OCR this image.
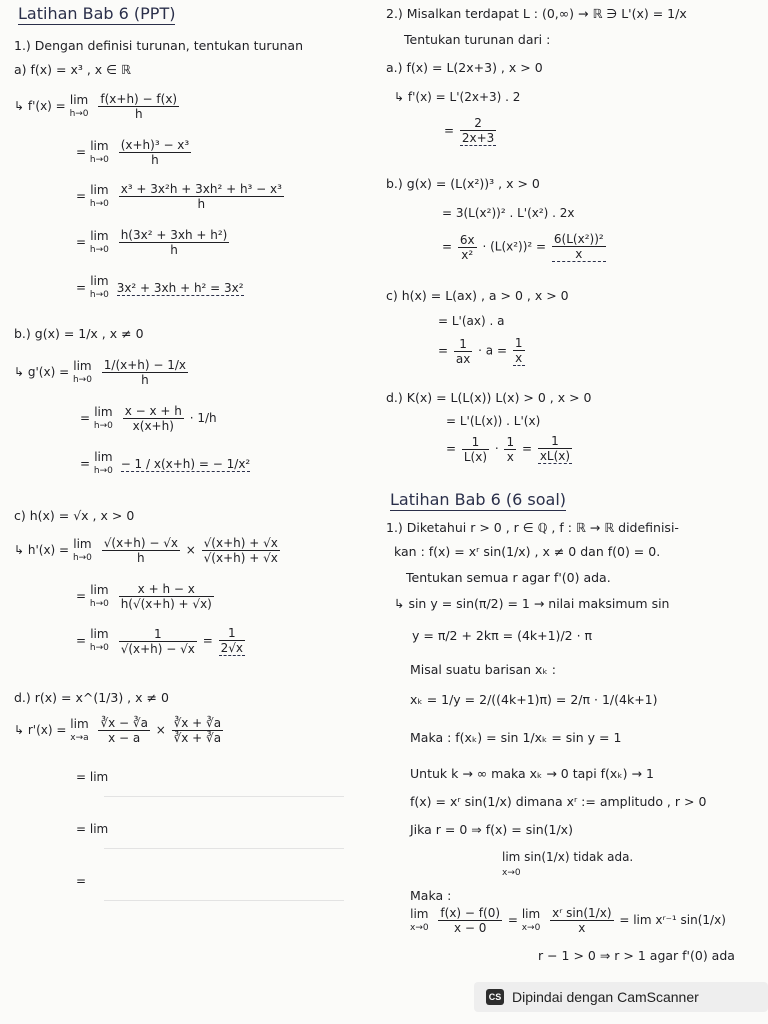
Latihan Bab 6 (PPT)
1.) Dengan definisi turunan, tentukan turunan
a) f(x) = x³ , x ∈ ℝ
↳ f'(x) = lim
h→0
$\frac{f(x+h) - f(x)}{h}$
= lim
h→0
$\frac{\text{(x+h)³ − x³}}{h}$
= lim
h→0
$\frac{\text{x³ + 3x²h + 3xh² + h³ − x³}}{h}$
= lim
h→0
$\frac{\text{h(3x² + 3xh + h²)}}{h}$
= lim
h→0
3x² + 3xh + h² = 3x²
b.) g(x) = 1/x , x ≠ 0
↳ g'(x) = lim
h→0
$\frac{1/(x+h) - 1/x}{h}$
= lim
h→0
$\frac{x - x + h}{x(x+h)} \cdot 1/h$
= lim
h→0
− 1 / x(x+h) = − 1/x²
c) h(x) = √x , x > 0
↳ h'(x) = lim
h→0
$\frac{√(x+h) - √x}{h} \times \frac{√(x+h) + √x}{√(x+h) + √x}$
= lim
h→0
$\frac{x + h - x}{h(√(x+h) + √x)}$
= lim
h→0
$\frac{1}{√(x+h) - √x} = \frac{1}{2√x}$
d.) r(x) = x^(1/3) , x ≠ 0
↳ r'(x) = lim
x→a
$\frac{∛x - ∛a}{x - a} \times \frac{∛x + ∛a}{∛x + ∛a}$
= lim
= lim
=
2.) Misalkan terdapat L : (0,∞) → ℝ ∋ L'(x) = 1/x
Tentukan turunan dari :
a.) f(x) = L(2x+3) , x > 0
↳ f'(x) = L'(2x+3) . 2
= $\frac{2}{2x+3}$
b.) g(x) = (L(x²))³ , x > 0
= 3(L(x²))² . L'(x²) . 2x
= $\frac{6x}{\text{x²}} \cdot (L(x^2))^2 = \frac{\text{6(L(x²))²}}{x}$
c) h(x) = L(ax) , a > 0 , x > 0
= L'(ax) . a
= $\frac{1}{ax} \cdot a = \frac{1}{x}$
d.) K(x) = L(L(x)) L(x) > 0 , x > 0
= L'(L(x)) . L'(x)
= $\frac{1}{L(x)} \cdot \frac{1}{x} = \frac{1}{xL(x)}$
Latihan Bab 6 (6 soal)
1.) Diketahui r > 0 , r ∈ ℚ , f : ℝ → ℝ didefinisi-
kan : f(x) = xʳ sin(1/x) , x ≠ 0 dan f(0) = 0.
Tentukan semua r agar f'(0) ada.
↳ sin y = sin(π/2) = 1 → nilai maksimum sin
y = π/2 + 2kπ = (4k+1)/2 · π
Misal suatu barisan xₖ :
xₖ = 1/y = 2/((4k+1)π) = 2/π · 1/(4k+1)
Maka : f(xₖ) = sin 1/xₖ = sin y = 1
Untuk k → ∞ maka xₖ → 0 tapi f(xₖ) → 1
f(x) = xʳ sin(1/x) dimana xʳ := amplitudo , r > 0
Jika r = 0 ⇒ f(x) = sin(1/x)
lim sin(1/x) tidak ada.
x→0
Maka :
lim
x→0
$\frac{f(x) - f(0)}{x - 0} = \lim$
x→0
$\frac{\text{xʳ sin(1/x)}}{x} = \lim$ xʳ⁻¹ sin(1/x)
r − 1 > 0 ⇒ r > 1 agar f'(0) ada
CS Dipindai dengan CamScanner
